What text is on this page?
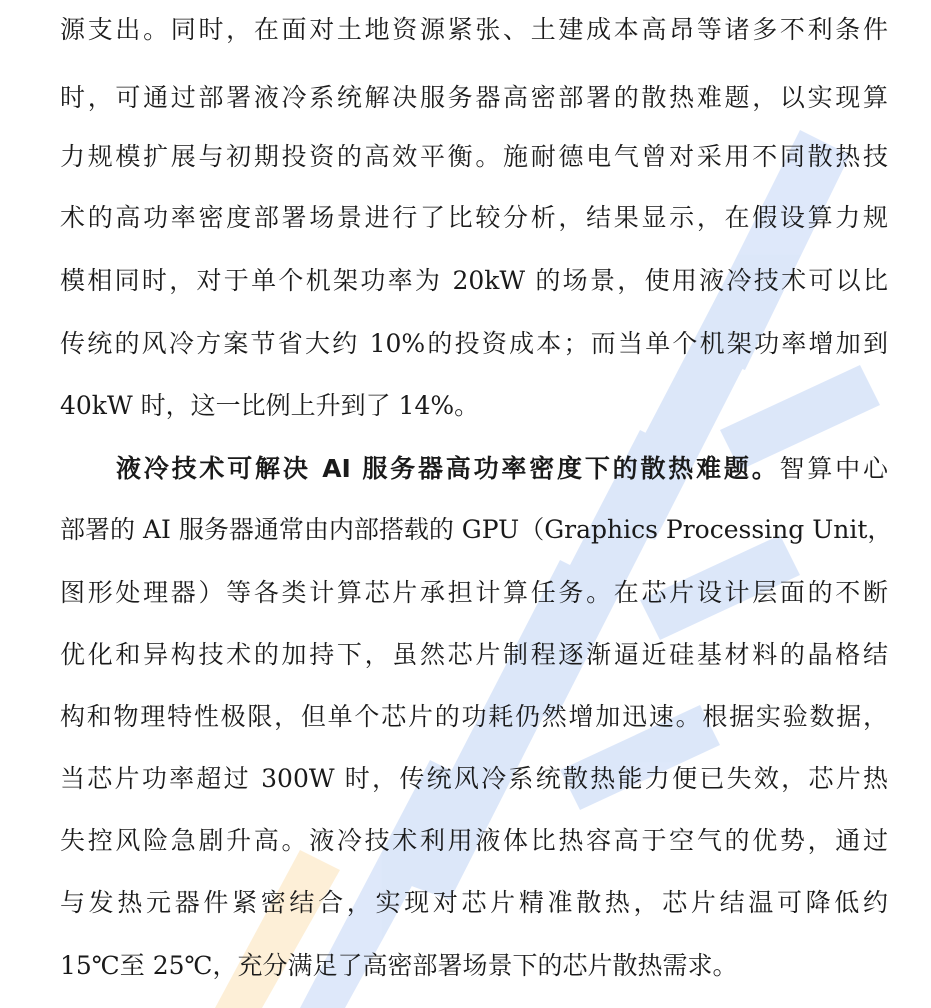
源支出。同时，在面对土地资源紧张、土建成本高昂等诸多不利条件
时，可通过部署液冷系统解决服务器高密部署的散热难题，以实现算
力规模扩展与初期投资的高效平衡。施耐德电气曾对采用不同散热技
术的高功率密度部署场景进行了比较分析，结果显示，在假设算力规
模相同时，对于单个机架功率为 20kW 的场景，使用液冷技术可以比
传统的风冷方案节省大约 10%的投资成本；而当单个机架功率增加到
40kW 时，这一比例上升到了 14%。
液冷技术可解决 AI 服务器高功率密度下的散热难题。智算中心
部署的 AI 服务器通常由内部搭载的 GPU（Graphics Processing Unit，
图形处理器）等各类计算芯片承担计算任务。在芯片设计层面的不断
优化和异构技术的加持下，虽然芯片制程逐渐逼近硅基材料的晶格结
构和物理特性极限，但单个芯片的功耗仍然增加迅速。根据实验数据，
当芯片功率超过 300W 时，传统风冷系统散热能力便已失效，芯片热
失控风险急剧升高。液冷技术利用液体比热容高于空气的优势，通过
与发热元器件紧密结合，实现对芯片精准散热，芯片结温可降低约
15℃至 25℃，充分满足了高密部署场景下的芯片散热需求。
